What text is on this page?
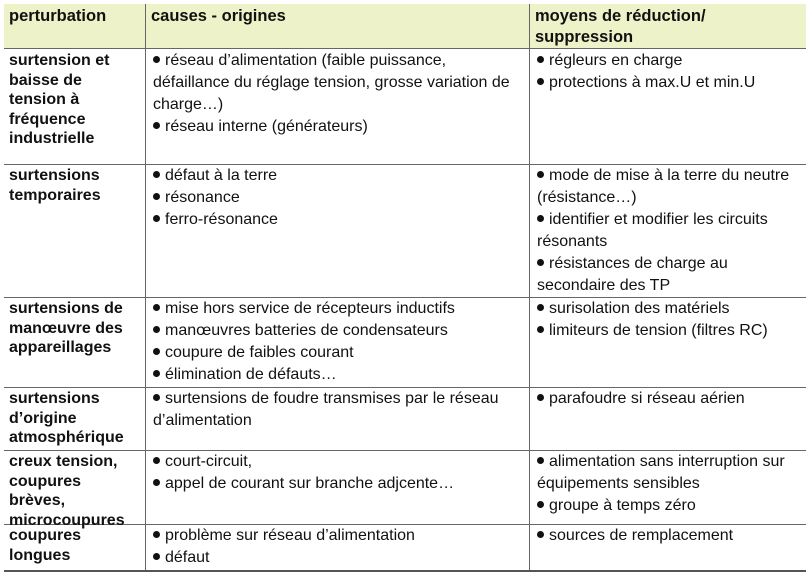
perturbation	causes - origines	moyens de réduction/ suppression
surtension et baisse de tension à fréquence industrielle
réseau d’alimentation (faible puissance, défaillance du réglage tension, grosse variation de charge…)
réseau interne (générateurs)
régleurs en charge
protections à max.U et min.U
surtensions temporaires
défaut à la terre
résonance
ferro-résonance
mode de mise à la terre du neutre (résistance…)
identifier et modifier les circuits résonants
résistances de charge au secondaire des TP
surtensions de manœuvre des appareillages
mise hors service de récepteurs inductifs
manœuvres batteries de condensateurs
coupure de faibles courant
élimination de défauts…
surisolation des matériels
limiteurs de tension (filtres RC)
surtensions d’origine atmosphérique
surtensions de foudre transmises par le réseau d’alimentation
parafoudre si réseau aérien
creux tension, coupures brèves, microcoupures
court-circuit,
appel de courant sur branche adjcente…
alimentation sans interruption sur équipements sensibles
groupe à temps zéro
coupures longues
problème sur réseau d’alimentation
défaut
sources de remplacement
